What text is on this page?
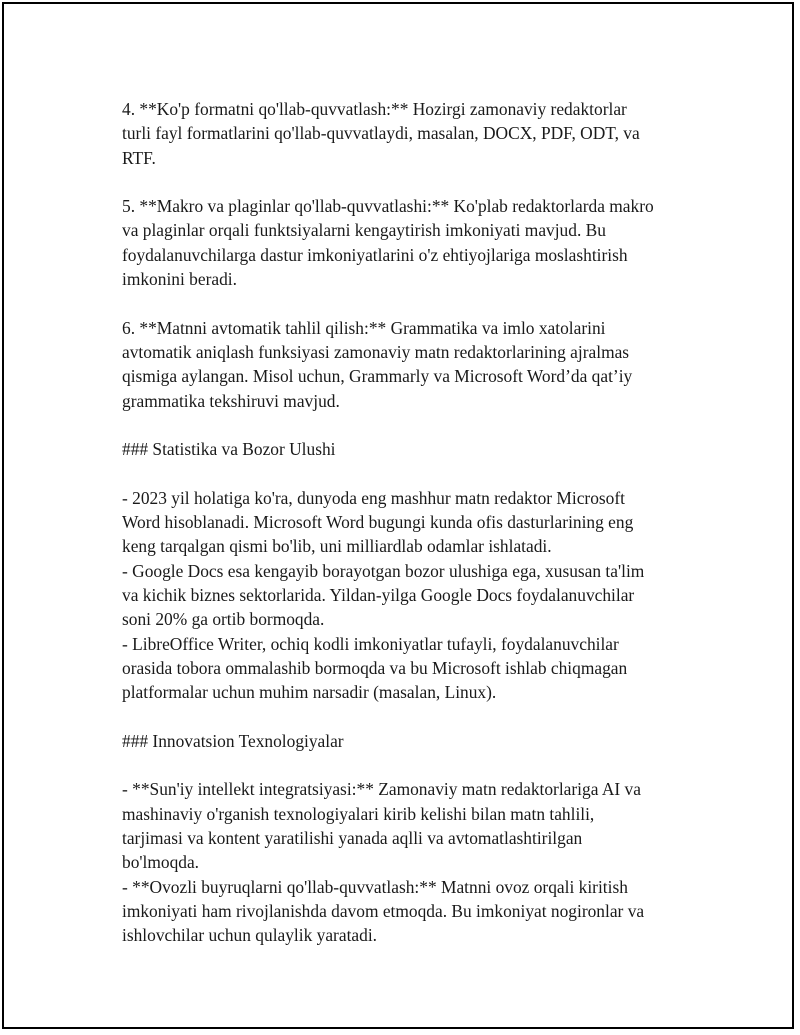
4. **Ko'p formatni qo'llab-quvvatlash:** Hozirgi zamonaviy redaktorlar
turli fayl formatlarini qo'llab-quvvatlaydi, masalan, DOCX, PDF, ODT, va
RTF.
5. **Makro va plaginlar qo'llab-quvvatlashi:** Ko'plab redaktorlarda makro
va plaginlar orqali funktsiyalarni kengaytirish imkoniyati mavjud. Bu
foydalanuvchilarga dastur imkoniyatlarini o'z ehtiyojlariga moslashtirish
imkonini beradi.
6. **Matnni avtomatik tahlil qilish:** Grammatika va imlo xatolarini
avtomatik aniqlash funksiyasi zamonaviy matn redaktorlarining ajralmas
qismiga aylangan. Misol uchun, Grammarly va Microsoft Word’da qat’iy
grammatika tekshiruvi mavjud.
### Statistika va Bozor Ulushi
- 2023 yil holatiga ko'ra, dunyoda eng mashhur matn redaktor Microsoft
Word hisoblanadi. Microsoft Word bugungi kunda ofis dasturlarining eng
keng tarqalgan qismi bo'lib, uni milliardlab odamlar ishlatadi.
- Google Docs esa kengayib borayotgan bozor ulushiga ega, xususan ta'lim
va kichik biznes sektorlarida. Yildan-yilga Google Docs foydalanuvchilar
soni 20% ga ortib bormoqda.
- LibreOffice Writer, ochiq kodli imkoniyatlar tufayli, foydalanuvchilar
orasida tobora ommalashib bormoqda va bu Microsoft ishlab chiqmagan
platformalar uchun muhim narsadir (masalan, Linux).
### Innovatsion Texnologiyalar
- **Sun'iy intellekt integratsiyasi:** Zamonaviy matn redaktorlariga AI va
mashinaviy o'rganish texnologiyalari kirib kelishi bilan matn tahlili,
tarjimasi va kontent yaratilishi yanada aqlli va avtomatlashtirilgan
bo'lmoqda.
- **Ovozli buyruqlarni qo'llab-quvvatlash:** Matnni ovoz orqali kiritish
imkoniyati ham rivojlanishda davom etmoqda. Bu imkoniyat nogironlar va
ishlovchilar uchun qulaylik yaratadi.
